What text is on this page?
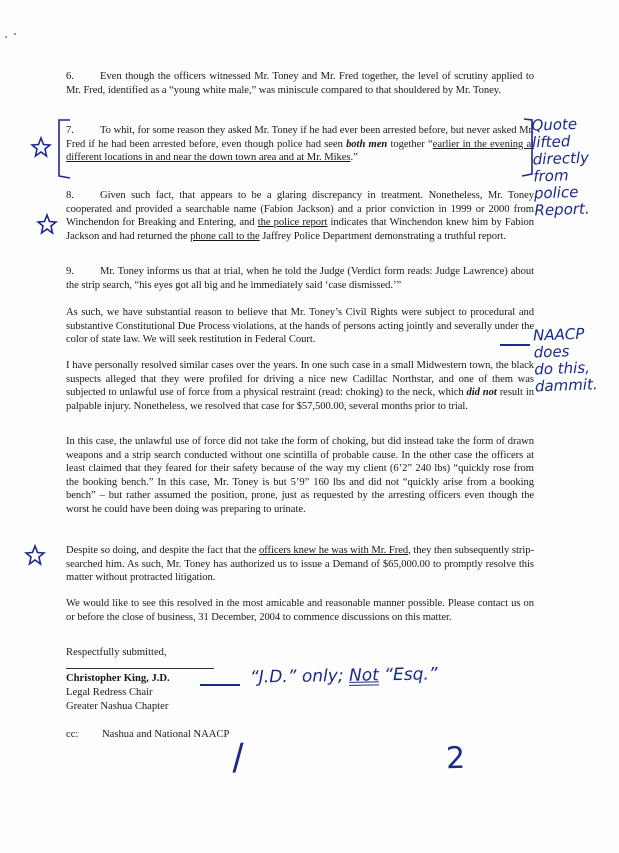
6. Even though the officers witnessed Mr. Toney and Mr. Fred together, the level of scrutiny applied to Mr. Fred, identified as a “young white male,” was miniscule compared to that shouldered by Mr. Toney.

7. To whit, for some reason they asked Mr. Toney if he had ever been arrested before, but never asked Mr. Fred if he had been arrested before, even though police had seen both men together “earlier in the evening at different locations in and near the down town area and at Mr. Mikes.”

8. Given such fact, that appears to be a glaring discrepancy in treatment. Nonetheless, Mr. Toney cooperated and provided a searchable name (Fabion Jackson) and a prior conviction in 1999 or 2000 from Winchendon for Breaking and Entering, and the police report indicates that Winchendon knew him by Fabion Jackson and had returned the phone call to the Jaffrey Police Department demonstrating a truthful report.

9. Mr. Toney informs us that at trial, when he told the Judge (Verdict form reads: Judge Lawrence) about the strip search, “his eyes got all big and he immediately said ‘case dismissed.’”

As such, we have substantial reason to believe that Mr. Toney’s Civil Rights were subject to procedural and substantive Constitutional Due Process violations, at the hands of persons acting jointly and severally under the color of state law. We will seek restitution in Federal Court.

I have personally resolved similar cases over the years. In one such case in a small Midwestern town, the black suspects alleged that they were profiled for driving a nice new Cadillac Northstar, and one of them was subjected to unlawful use of force from a physical restraint (read: choking) to the neck, which did not result in palpable injury. Nonetheless, we resolved that case for $57,500.00, several months prior to trial.

In this case, the unlawful use of force did not take the form of choking, but did instead take the form of drawn weapons and a strip search conducted without one scintilla of probable cause. In the other case the officers at least claimed that they feared for their safety because of the way my client (6’2” 240 lbs) “quickly rose from the booking bench.” In this case, Mr. Toney is but 5’9” 160 lbs and did not “quickly arise from a booking bench” – but rather assumed the position, prone, just as requested by the arresting officers even though the worst he could have been doing was preparing to urinate.

Despite so doing, and despite the fact that the officers knew he was with Mr. Fred, they then subsequently strip-searched him. As such, Mr. Toney has authorized us to issue a Demand of $65,000.00 to promptly resolve this matter without protracted litigation.

We would like to see this resolved in the most amicable and reasonable manner possible. Please contact us on or before the close of business, 31 December, 2004 to commence discussions on this matter.

Respectfully submitted,
Christopher King, J.D.
Legal Redress Chair
Greater Nashua Chapter
cc: Nashua and National NAACP
Quote
lifted
directly
from
police
Report.
NAACP
does
do this,
dammit.
“J.D.” only; Not “Esq.”
/	2
